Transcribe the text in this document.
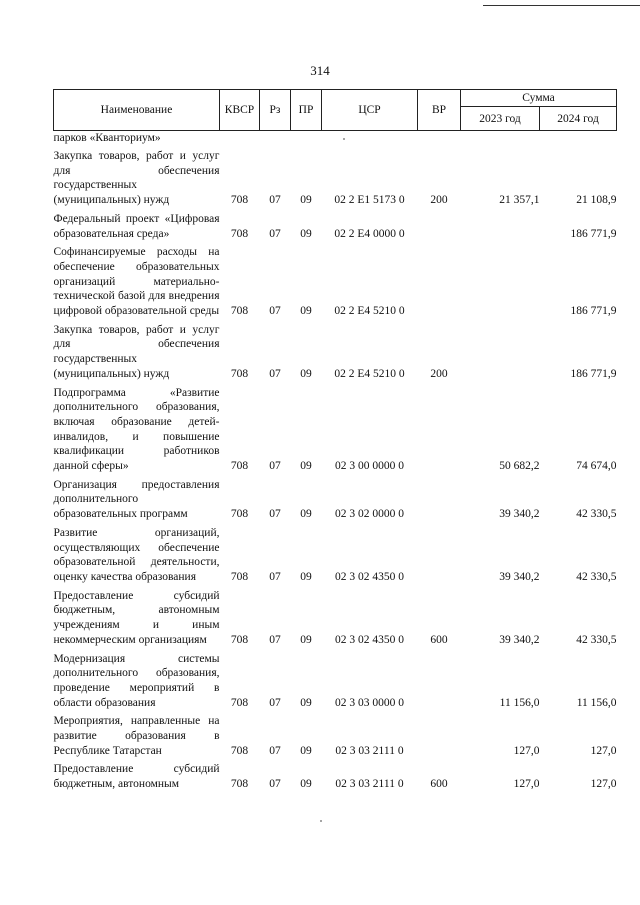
314
Наименование	КВСР	Рз	ПР	ЦСР	ВР	Сумма	
						2023 год	2024 год
парков «Кванториум»							
Закупка товаров, работ и услуг для обеспечения государственных (муниципальных) нужд	708	07	09	02 2 E1 5173 0	200	21 357,1	21 108,9
Федеральный проект «Цифровая образовательная среда»	708	07	09	02 2 E4 0000 0			186 771,9
Софинансируемые расходы на обеспечение образовательных организаций материально-технической базой для внедрения цифровой образовательной среды	708	07	09	02 2 E4 5210 0			186 771,9
Закупка товаров, работ и услуг для обеспечения государственных (муниципальных) нужд	708	07	09	02 2 E4 5210 0	200		186 771,9
Подпрограмма «Развитие дополнительного образования, включая образование детей-инвалидов, и повышение квалификации работников данной сферы»	708	07	09	02 3 00 0000 0		50 682,2	74 674,0
Организация предоставления дополнительного образовательных программ	708	07	09	02 3 02 0000 0		39 340,2	42 330,5
Развитие организаций, осуществляющих обеспечение образовательной деятельности, оценку качества образования	708	07	09	02 3 02 4350 0		39 340,2	42 330,5
Предоставление субсидий бюджетным, автономным учреждениям и иным некоммерческим организациям	708	07	09	02 3 02 4350 0	600	39 340,2	42 330,5
Модернизация системы дополнительного образования, проведение мероприятий в области образования	708	07	09	02 3 03 0000 0		11 156,0	11 156,0
Мероприятия, направленные на развитие образования в Республике Татарстан	708	07	09	02 3 03 2111 0		127,0	127,0
Предоставление субсидий бюджетным, автономным	708	07	09	02 3 03 2111 0	600	127,0	127,0
